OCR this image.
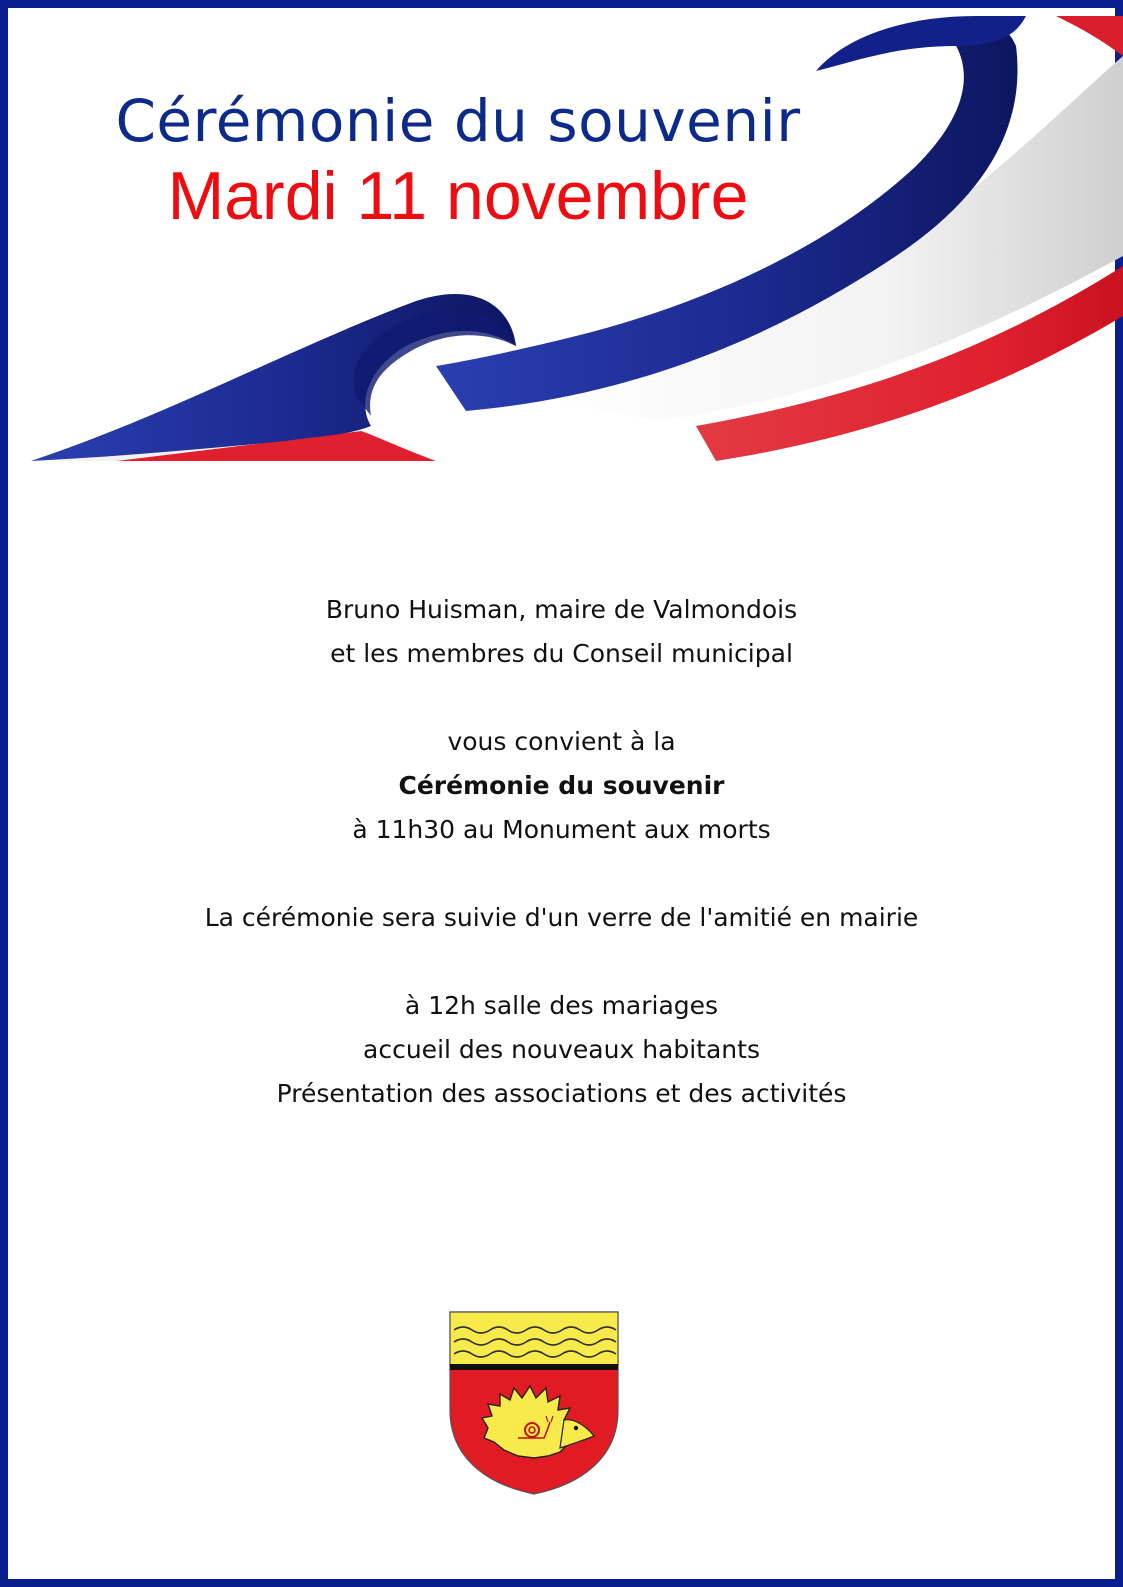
Cérémonie du souvenir
Mardi 11 novembre
Bruno Huisman, maire de Valmondois
et les membres du Conseil municipal
vous convient à la
Cérémonie du souvenir
à 11h30 au Monument aux morts
La cérémonie sera suivie d'un verre de l'amitié en mairie
à 12h salle des mariages
accueil des nouveaux habitants
Présentation des associations et des activités
